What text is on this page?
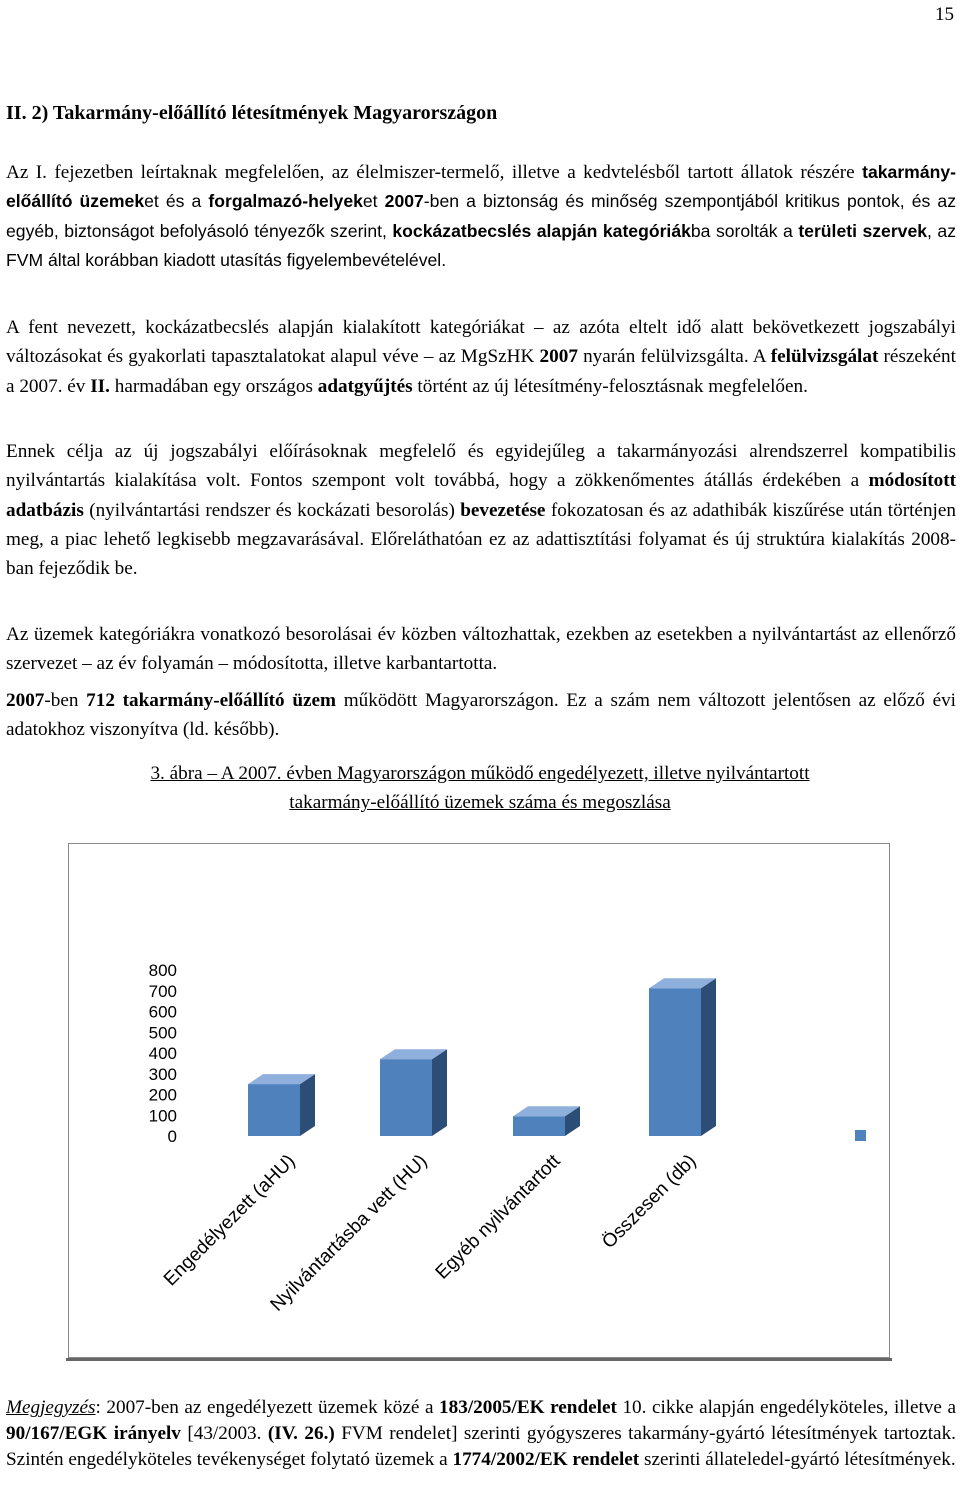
15
II. 2) Takarmány-előállító létesítmények Magyarországon

Az I. fejezetben leírtaknak megfelelően, az élelmiszer-termelő, illetve a kedvtelésből tartott állatok részére takarmány-előállító üzemeket és a forgalmazó-helyeket 2007-ben a biztonság és minőség szempontjából kritikus pontok, és az egyéb, biztonságot befolyásoló tényezők szerint, kockázatbecslés alapján kategóriákba sorolták a területi szervek, az FVM által korábban kiadott utasítás figyelembevételével.

A fent nevezett, kockázatbecslés alapján kialakított kategóriákat – az azóta eltelt idő alatt bekövetkezett jogszabályi változásokat és gyakorlati tapasztalatokat alapul véve – az MgSzHK 2007 nyarán felülvizsgálta. A felülvizsgálat részeként a 2007. év II. harmadában egy országos adatgyűjtés történt az új létesítmény-felosztásnak megfelelően.

Ennek célja az új jogszabályi előírásoknak megfelelő és egyidejűleg a takarmányozási alrendszerrel kompatibilis nyilvántartás kialakítása volt. Fontos szempont volt továbbá, hogy a zökkenőmentes átállás érdekében a módosított adatbázis (nyilvántartási rendszer és kockázati besorolás) bevezetése fokozatosan és az adathibák kiszűrése után történjen meg, a piac lehető legkisebb megzavarásával. Előreláthatóan ez az adattisztítási folyamat és új struktúra kialakítás 2008-ban fejeződik be.

Az üzemek kategóriákra vonatkozó besorolásai év közben változhattak, ezekben az esetekben a nyilvántartást az ellenőrző szervezet – az év folyamán – módosította, illetve karbantartotta.

2007-ben 712 takarmány-előállító üzem működött Magyarországon. Ez a szám nem változott jelentősen az előző évi adatokhoz viszonyítva (ld. később).

3. ábra – A 2007. évben Magyarországon működő engedélyezett, illetve nyilvántartott
takarmány-előállító üzemek száma és megoszlása
0
100
200
300
400
500
600
700
800
Engedélyezett (aHU)
Nyilvántartásba vett (HU) Egyéb nyilvántartott Összesen (db)

Megjegyzés: 2007-ben az engedélyezett üzemek közé a 183/2005/EK rendelet 10. cikke alapján engedélyköteles, illetve a 90/167/EGK irányelv [43/2003. (IV. 26.) FVM rendelet] szerinti gyógyszeres takarmány-gyártó létesítmények tartoztak. Szintén engedélyköteles tevékenységet folytató üzemek a 1774/2002/EK rendelet szerinti állateledel-gyártó létesítmények.
